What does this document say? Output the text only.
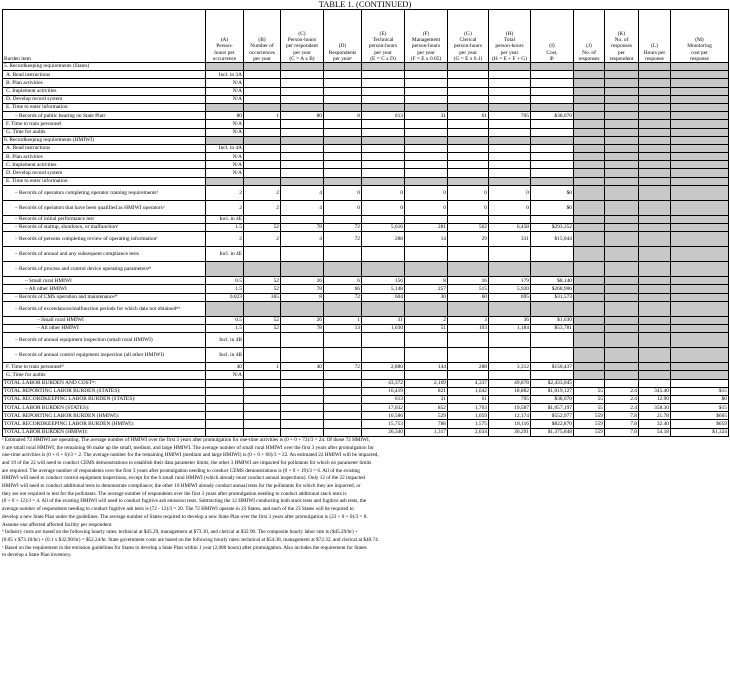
TABLE 1. (CONTINUED)
Burden item	(A)
Person-
hours per
occurrence	(B)
Number of
occurrences
per year	(C)
Person-hours
per respondent
per year
(C = A x B)	(D)
Respondents
per yearᵃ	(E)
Technical
person-hours
per year
(E = C x D)	(F)
Management
person-hours
per year
(F = E x 0.05)	(G)
Clerical
person-hours
per year
(G = E x 0.1)	(H)
Total
person-hours
per year
(H = E + F + G)	(I)
Cost,
$ᵇ	(J)
No. of
responses	(K)
No. of
responses
per
respondent	(L)
Hours per
response	(M)
Monitoring
cost per
response
5. Recordkeeping requirements (States)													
A. Read instructions	Incl. in 3A												
B. Plan activities	N/A												
C. Implement activities	N/A												
D. Develop record system	N/A												
E. Time to enter information													
– Records of public hearing on State Planᶜ	80	1	80	8	613	31	61	705	$38,070				
F. Time to train personnel	N/A												
G. Time for audits	N/A												
6. Recordkeeping requirements (HMIWI)													
A. Read instructions	Incl. in 4A												
B. Plan activities	N/A												
C. Implement activities	N/A												
D. Develop record system	N/A												
E. Time to enter information													
– Records of operators completing operator training requirementsᵈ	2	2	4	0	0	0	0	0	$0				
– Records of operators that have been qualified as HMIWI operatorsᵈ	2	2	4	0	0	0	0	0	$0				
– Records of initial performance test	Incl. in 4E												
– Records of startup, shutdown, or malfunctionᵉ	1.5	52	78	72	5,616	281	562	6,458	$293,352				
– Records of persons completing review of operating informationᶠ	2	2	4	72	288	14	29	331	$15,044				
– Records of annual and any subsequent compliance tests	Incl. in 4E												
– Records of process and control device operating parametersᵍʰ													
– Small rural HMIWI	0.5	52	26	6	156	8	16	179	$8,140				
– All other HMIWI	1.5	52	78	66	5,148	257	515	5,920	$268,906				
– Records of CMS operation and maintenanceʰⁱ	0.023	365	8	72	604	30	60	695	$31,573				
– Records of exceedances/malfunction periods for which data not obtainedʲʸᵏ													
– Small rural HMIWI	0.5	52	26	1	31	2	3	36	$1,630				
– All other HMIWI	1.5	52	78	13	1,030	51	103	1,184	$53,781				
– Records of annual equipment inspection (small rural HMIWI)	Incl. in 4B												
– Records of annual control equipment inspection (all other HMIWI)	Incl. in 4B												
F. Time to train personnelᵈˡ	40	1	40	72	2,880	144	288	3,312	$150,437				
G. Time for audits	N/A												
TOTAL LABOR BURDEN AND COSTᵐ:					43,372	2,169	4,337	49,878	$2,433,045				
TOTAL REPORTING LABOR BURDEN (STATES):					16,419	821	1,642	18,882	$1,019,127	55	2.4	345.40	$15
TOTAL RECORDKEEPING LABOR BURDEN (STATES):					613	31	61	705	$38,070	55	2.4	12.90	$0
TOTAL LABOR BURDEN (STATES):					17,032	852	1,703	19,587	$1,057,197	55	2.4	358.30	$15
TOTAL REPORTING LABOR BURDEN (HMIWI):					10,586	529	1,059	12,174	$552,977	559	7.8	21.78	$665
TOTAL RECORDKEEPING LABOR BURDEN (HMIWI):					15,753	788	1,575	18,116	$822,870	559	7.8	32.40	$659
TOTAL LABOR BURDEN (HMIWI):					26,340	1,317	2,634	30,291	$1,375,848	559	7.8	54.18	$1,324

ᵃ Estimated 72 HMIWI are operating. The average number of HMIWI over the first 3 years after promulgation for one-time activities is (0 + 0 + 72)/3 = 24. Of those 72 HMIWI,

6 are small rural HMIWI; the remaining 66 make up the small, medium, and large HMIWI. The average number of small rural HMIWI over the first 3 years after promulgation for

one-time activities is (0 + 0 + 6)/3 = 2. The average number for the remaining HMIWI (medium and large HMIWI) is (0 + 0 + 66)/3 = 22. An estimated 22 HMIWI will be impacted,

and 19 of the 22 will need to conduct CEMS demonstrations to establish their data parameter limits; the other 3 HMIWI are impacted for pollutants for which no parameter limits

are required. The average number of respondents over the first 3 years after promulgation needing to conduct CEMS demonstrations is (0 + 0 + 19)/3 = 6. All of the existing

HMIWI will need to conduct control equipment inspections, except for the 6 small rural HMIWI (which already must conduct annual inspections). Only 12 of the 22 impacted

HMIWI will need to conduct additional tests to demonstrate compliance; the other 10 HMIWI already conduct annual tests for the pollutants for which they are impacted, or

they are not required to test for the pollutants. The average number of respondents over the first 3 years after promulgation needing to conduct additional stack tests is

(0 + 0 + 12)/3 = 4. All of the existing HMIWI will need to conduct fugitive ash emission tests. Subtracting the 12 HMIWI conducting both stack tests and fugitive ash tests, the

average number of respondents needing to conduct fugitive ash tests is (72 - 12)/3 = 20. The 72 HMIWI operate in 23 States, and each of the 23 States will be required to

develop a new State Plan under the guidelines. The average number of States required to develop a new State Plan over the first 3 years after promulgation is (23 + 0 + 0)/3 = 8.

Assume one affected affected facility per respondent.

ᵇ Industry costs are based on the following hourly rates: technical at $45.29, management at $73.10, and clerical at $32.90. The composite hourly labor rate is ($45.29/hr) +

(0.05 x $73.10/hr) + (0.1 x $32.90/hr) = $52.24/hr. State government costs are based on the following hourly rates: technical at $54.38, management at $72.32, and clerical at $40.74.

ᶜ Based on the requirement in the emission guidelines for States to develop a State Plan within 1 year (2,080 hours) after promulgation. Also includes the requirement for States

to develop a State Plan inventory.
